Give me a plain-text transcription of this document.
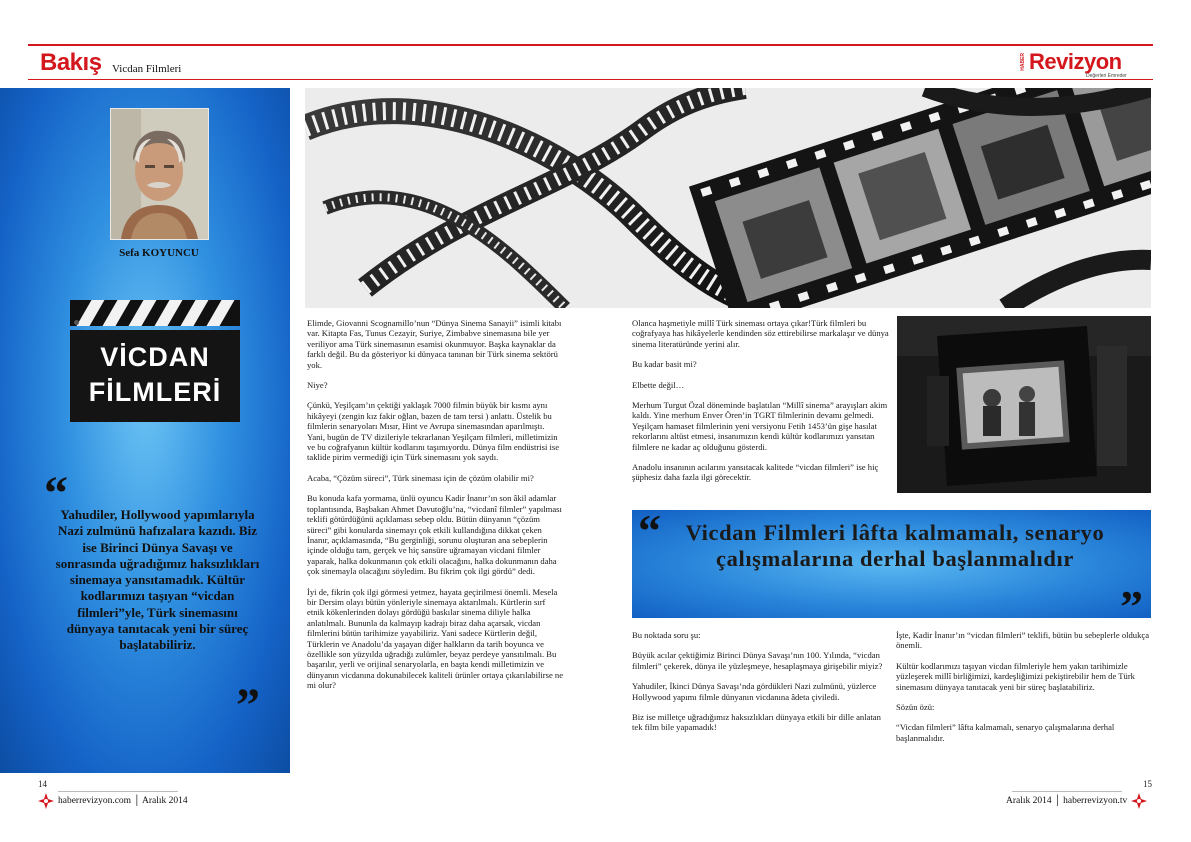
Bakış Vicdan Filmleri	HABER Revizyon
Değerleri Emreder
Sefa KOYUNCU
VİCDAN
FİLMLERİ
“
Yahudiler, Hollywood yapımlarıyla Nazi zulmünü hafızalara kazıdı. Biz ise Birinci Dünya Savaşı ve sonrasında uğradığımız haksızlıkları sinemaya yansıtamadık. Kültür kodlarımızı taşıyan “vicdan filmleri”yle, Türk sinemasını dünyaya tanıtacak yeni bir süreç başlatabiliriz.
”

Elimde, Giovanni Scognamillo’nun “Dünya Sinema Sanayii” isimli kitabı var. Kitapta Fas, Tunus Cezayir, Suriye, Zimbabve sinemasına bile yer veriliyor ama Türk sinemasının esamisi okunmuyor. Başka kaynaklar da farklı değil. Bu da gösteriyor ki dünyaca tanınan bir Türk sinema sektörü yok.

Niye?

Çünkü, Yeşilçam’ın çektiği yaklaşık 7000 filmin büyük bir kısmı aynı hikâyeyi (zengin kız fakir oğlan, bazen de tam tersi ) anlattı. Üstelik bu filmlerin senaryoları Mısır, Hint ve Avrupa sinemasından aparılmıştı. Yani, bugün de TV dizileriyle tekrarlanan Yeşilçam filmleri, milletimizin ve bu coğrafyanın kültür kodlarını taşımıyordu. Dünya film endüstrisi ise taklide pirim vermediği için Türk sinemasını yok saydı.

Acaba, “Çözüm süreci”, Türk sineması için de çözüm olabilir mi?

Bu konuda kafa yormama, ünlü oyuncu Kadir İnanır’ın son âkil adamlar toplantısında, Başbakan Ahmet Davutoğlu’na, “vicdanî filmler” yapılması teklifi götürdüğünü açıklaması sebep oldu. Bütün dünyanın “çözüm süreci” gibi konularda sinemayı çok etkili kullandığına dikkat çeken İnanır, açıklamasında, “Bu gerginliği, sorunu oluşturan ana sebeplerin içinde olduğu tam, gerçek ve hiç sansüre uğramayan vicdani filmler yaparak, halka dokunmanın çok etkili olacağını, halka dokunmanın daha çok sinemayla olacağını söyledim. Bu fikrim çok ilgi gördü” dedi.

İyi de, fikrin çok ilgi görmesi yetmez, hayata geçirilmesi önemli. Mesela bir Dersim olayı bütün yönleriyle sinemaya aktarılmalı. Kürtlerin sırf etnik kökenlerinden dolayı gördüğü baskılar sinema diliyle halka anlatılmalı. Bununla da kalmayıp kadrajı biraz daha açarsak, vicdan filmlerini bütün tarihimize yayabiliriz. Yani sadece Kürtlerin değil, Türklerin ve Anadolu’da yaşayan diğer halkların da tarih boyunca ve özellikle son yüzyılda uğradığı zulümler, beyaz perdeye yansıtılmalı. Bu başarılır, yerli ve orijinal senaryolarla, en başta kendi milletimizin ve dünyanın vicdanına dokunabilecek kaliteli ürünler ortaya çıkarılabilirse ne mi olur?

Olanca haşmetiyle millî Türk sineması ortaya çıkar!Türk filmleri bu coğrafyaya has hikâyelerle kendinden söz ettirebilirse markalaşır ve dünya sinema literatüründe yerini alır.

Bu kadar basit mi?

Elbette değil…

Merhum Turgut Özal döneminde başlatılan “Millî sinema” arayışları akim kaldı. Yine merhum Enver Ören’in TGRT filmlerinin devamı gelmedi. Yeşilçam hamaset filmlerinin yeni versiyonu Fetih 1453’ün gişe hasılat rekorlarını altüst etmesi, insanımızın kendi kültür kodlarımızı yansıtan filmlere ne kadar aç olduğunu gösterdi.

Anadolu insanının acılarını yansıtacak kalitede “vicdan filmleri” ise hiç şüphesiz daha fazla ilgi görecektir.

“	Vicdan Filmleri lâfta kalmamalı, senaryo çalışmalarına derhal başlanmalıdır
”

Bu noktada soru şu:

Büyük acılar çektiğimiz Birinci Dünya Savaşı’nın 100. Yılında, “vicdan filmleri” çekerek, dünya ile yüzleşmeye, hesaplaşmaya girişebilir miyiz?

Yahudiler, İkinci Dünya Savaşı’nda gördükleri Nazi zulmünü, yüzlerce Hollywood yapımı filmle dünyanın vicdanına âdeta çiviledi.

Biz ise milletçe uğradığımız haksızlıkları dünyaya etkili bir dille anlatan tek film bile yapamadık!

İşte, Kadir İnanır’ın “vicdan filmleri” teklifi, bütün bu sebeplerle oldukça önemli.

Kültür kodlarımızı taşıyan vicdan filmleriyle hem yakın tarihimizle yüzleşerek millî birliğimizi, kardeşliğimizi pekiştirebilir hem de Türk sinemasını dünyaya tanıtacak yeni bir süreç başlatabiliriz.

Sözün özü:

“Vicdan filmleri” lâfta kalmamalı, senaryo çalışmalarına derhal başlanmalıdır.

14	15
haberrevizyon.com │ Aralık 2014	Aralık 2014 │ haberrevizyon.tv
